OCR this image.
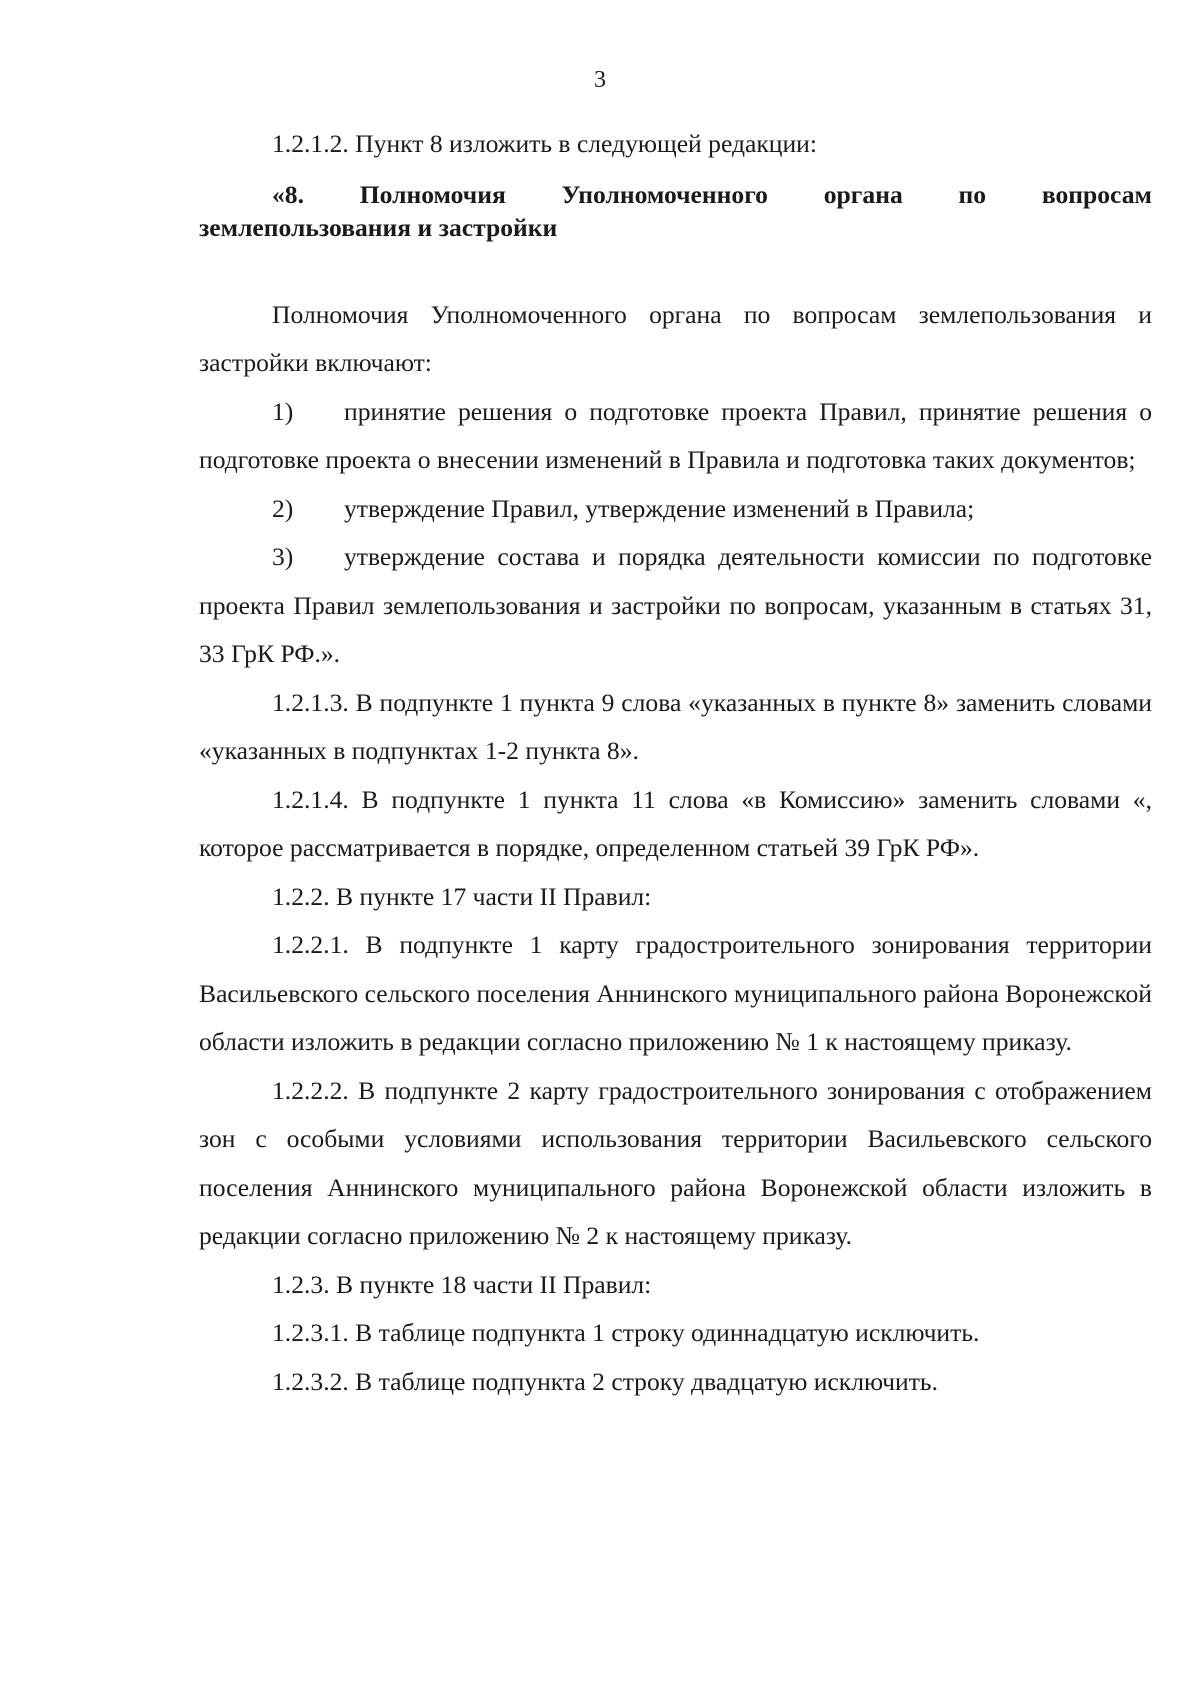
3

1.2.1.2. Пункт 8 изложить в следующей редакции:

«8. Полномочия Уполномоченного органа по вопросам
землепользования и застройки

Полномочия Уполномоченного органа по вопросам землепользования и застройки включают:

1) принятие решения о подготовке проекта Правил, принятие решения о подготовке проекта о внесении изменений в Правила и подготовка таких документов;

2) утверждение Правил, утверждение изменений в Правила;

3) утверждение состава и порядка деятельности комиссии по подготовке проекта Правил землепользования и застройки по вопросам, указанным в статьях 31, 33 ГрК РФ.».

1.2.1.3. В подпункте 1 пункта 9 слова «указанных в пункте 8» заменить словами «указанных в подпунктах 1-2 пункта 8».

1.2.1.4. В подпункте 1 пункта 11 слова «в Комиссию» заменить словами «, которое рассматривается в порядке, определенном статьей 39 ГрК РФ».

1.2.2. В пункте 17 части II Правил:

1.2.2.1. В подпункте 1 карту градостроительного зонирования территории Васильевского сельского поселения Аннинского муниципального района Воронежской области изложить в редакции согласно приложению № 1 к настоящему приказу.

1.2.2.2. В подпункте 2 карту градостроительного зонирования с отображением зон с особыми условиями использования территории Васильевского сельского поселения Аннинского муниципального района Воронежской области изложить в редакции согласно приложению № 2 к настоящему приказу.

1.2.3. В пункте 18 части II Правил:

1.2.3.1. В таблице подпункта 1 строку одиннадцатую исключить.

1.2.3.2. В таблице подпункта 2 строку двадцатую исключить.
